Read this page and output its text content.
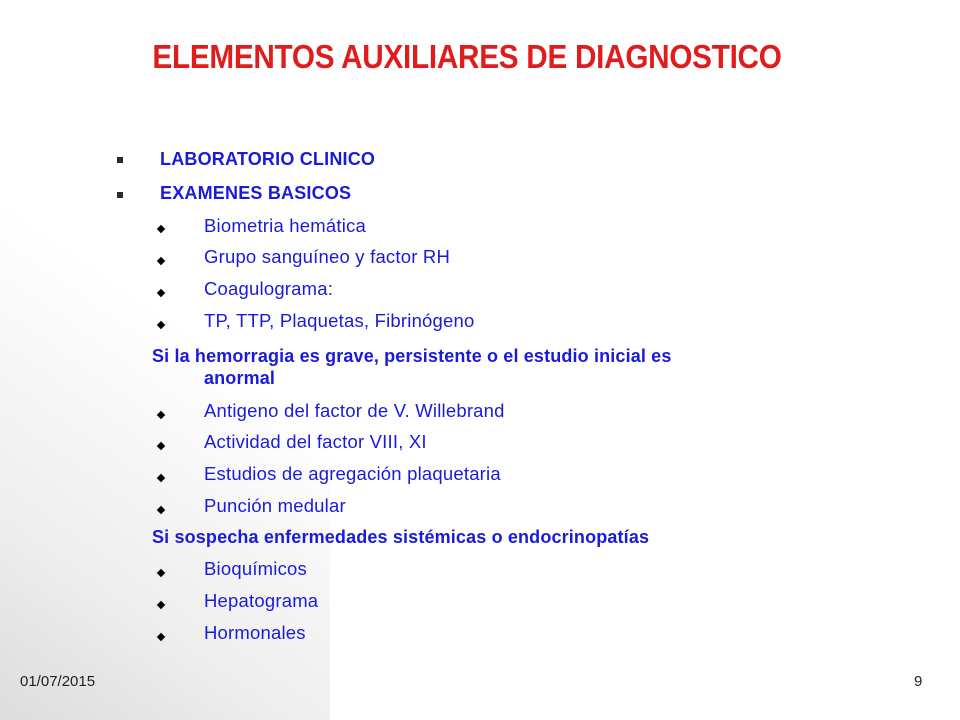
ELEMENTOS AUXILIARES DE DIAGNOSTICO
LABORATORIO CLINICO
EXAMENES BASICOS
Biometria hemática
Grupo sanguíneo y factor RH
Coagulograma:
TP, TTP, Plaquetas, Fibrinógeno
Si la hemorragia es grave, persistente o el estudio inicial es
anormal
Antigeno del factor de V. Willebrand
Actividad del factor VIII, XI
Estudios de agregación plaquetaria
Punción medular
Si sospecha enfermedades sistémicas o endocrinopatías
Bioquímicos
Hepatograma
Hormonales
01/07/2015	9
